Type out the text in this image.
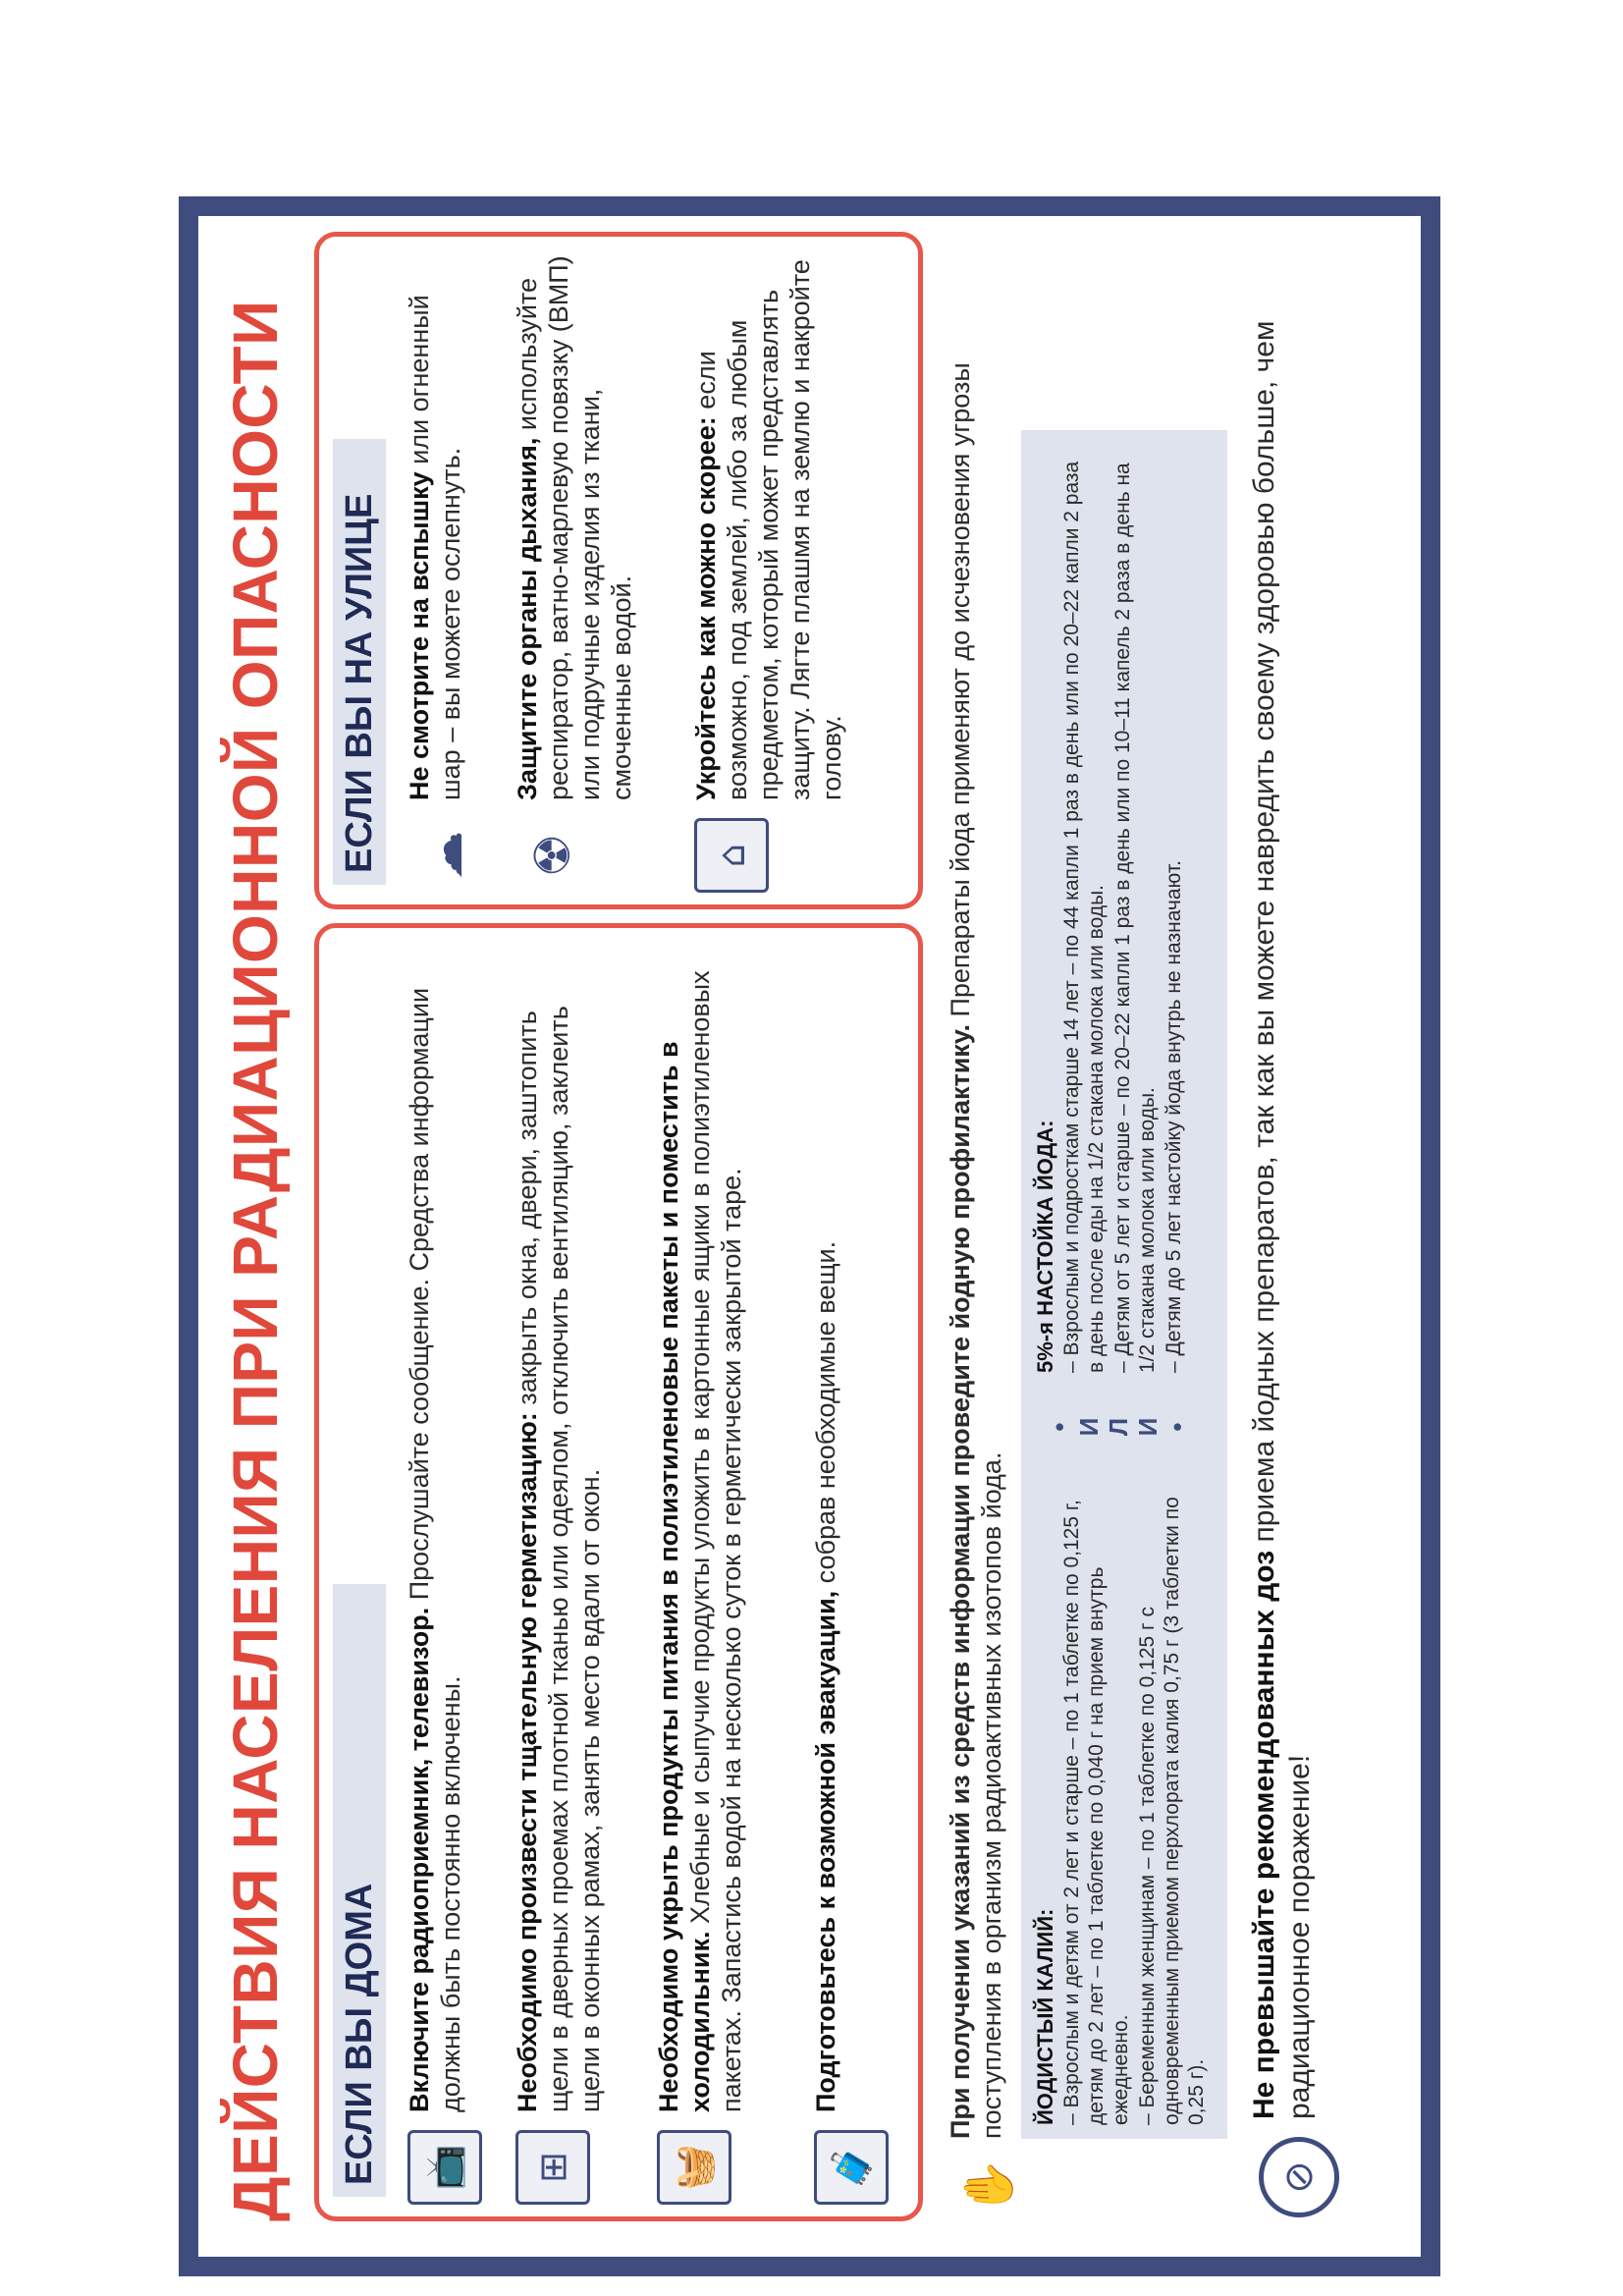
ДЕЙСТВИЯ НАСЕЛЕНИЯ ПРИ РАДИАЦИОННОЙ ОПАСНОСТИ ЕСЛИ ВЫ ДОМА	📺
Включите радиоприемник, телевизор. Прослушайте сообщение. Средства информации должны быть постоянно включены.
⊞
Необходимо произвести тщательную герметизацию: закрыть окна, двери, заштопить щели в дверных проемах плотной тканью или одеялом, отключить вентиляцию, заклеить щели в оконных рамах, занять место вдали от окон.
🧺
Необходимо укрыть продукты питания в полиэтиленовые пакеты и поместить в холодильник. Хлебные и сыпучие продукты уложить в картонные ящики в полиэтиленовых пакетах. Запастись водой на несколько суток в герметически закрытой таре.
🧳
Подготовьтесь к возможной эвакуации, собрав необходимые вещи.
ЕСЛИ ВЫ НА УЛИЦЕ ☁
Не смотрите на вспышку или огненный шар – вы можете ослепнуть.
☢
Защитите органы дыхания, используйте респиратор, ватно-марлевую повязку (ВМП) или подручные изделия из ткани, смоченные водой.
⌂
Укройтесь как можно скорее: если возможно, под землей, либо за любым предметом, который может представлять защиту. Лягте плашмя на землю и накройте голову.
✋
При получении указаний из средств информации проведите йодную профилактику. Препараты йода применяют до исчезновения угрозы поступления в организм радиоактивных изотопов йода. ЙОДИСТЫЙ КАЛИЙ: – Взрослым и детям от 2 лет и старше – по 1 таблетке по 0,125 г, детям до 2 лет – по 1 таблетке по 0,040 г на прием внутрь ежедневно. – Беременным женщинам – по 1 таблетке по 0,125 г с одновременным приемом перхлората калия 0,75 г (3 таблетки по 0,25 г).
• И Л И •
5%-я НАСТОЙКА ЙОДА: – Взрослым и подросткам старше 14 лет – по 44 капли 1 раз в день или по 20–22 капли 2 раза в день после еды на 1/2 стакана молока или воды. – Детям от 5 лет и старше – по 20–22 капли 1 раз в день или по 10–11 капель 2 раза в день на 1/2 стакана молока или воды. – Детям до 5 лет настойку йода внутрь не назначают.
⊘
Не превышайте рекомендованных доз приема йодных препаратов, так как вы можете навредить своему здоровью больше, чем радиационное поражение!
